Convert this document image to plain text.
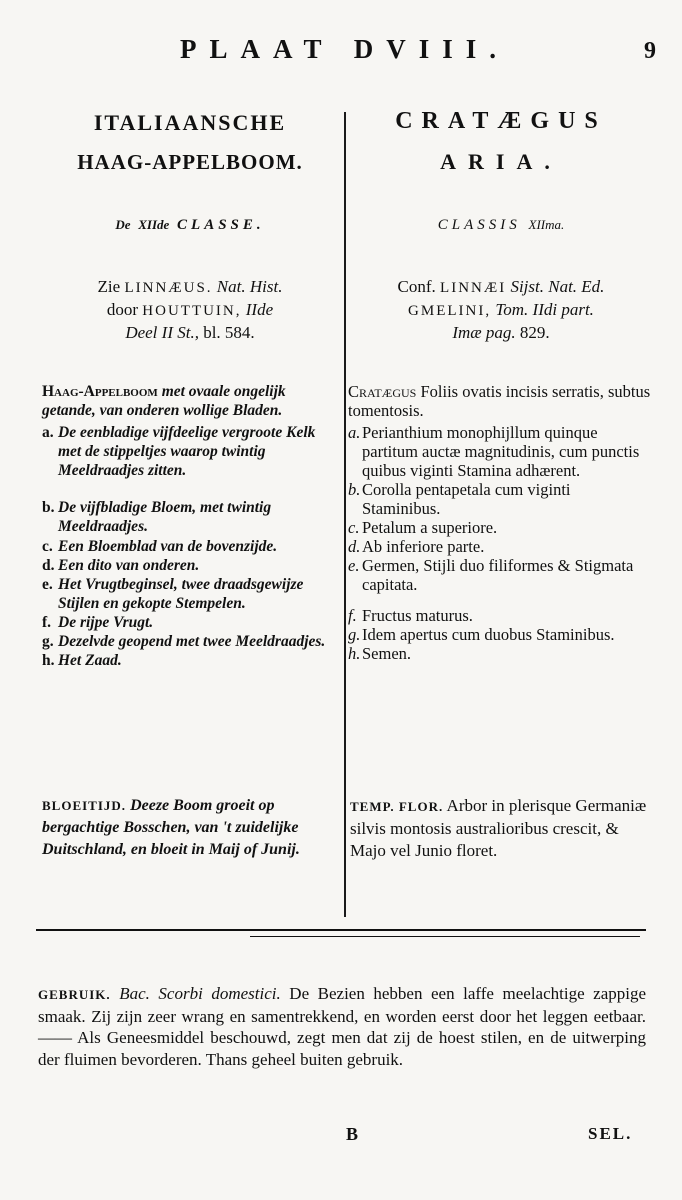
PLAAT DVIII.	9
ITALIAANSCHE
HAAG-APPELBOOM.
De XIIde CLASSE.
Zie LINNÆUS. Nat. Hist.
door HOUTTUIN, IIde
Deel II St., bl. 584.
Haag-Appelboom met ovaale ongelijk getande, van onderen wollige Bladen.
a. De eenbladige vijfdeelige vergroote Kelk met de stippeltjes waarop twintig Meeldraadjes zitten.
b. De vijfbladige Bloem, met twintig Meeldraadjes.
c. Een Bloemblad van de bovenzijde.
d. Een dito van onderen.
e. Het Vrugtbeginsel, twee draadsgewijze Stijlen en gekopte Stempelen.
f. De rijpe Vrugt.
g. Dezelvde geopend met twee Meeldraadjes.
h. Het Zaad.
BLOEITIJD. Deeze Boom groeit op bergachtige Bosschen, van 't zuidelijke Duitschland, en bloeit in Maij of Junij.
CRATÆGUS
ARIA.
CLASSIS XIIma.
Conf. LINNÆI Sijst. Nat. Ed.
GMELINI, Tom. IIdi part.
Imæ pag. 829.
Cratægus Foliis ovatis incisis serratis, subtus tomentosis.
a. Perianthium monophijllum quinque partitum auctæ magnitudinis, cum punctis quibus viginti Stamina adhærent.
b. Corolla pentapetala cum viginti Staminibus.
c. Petalum a superiore.
d. Ab inferiore parte.
e. Germen, Stijli duo filiformes & Stigmata capitata.
f. Fructus maturus.
g. Idem apertus cum duobus Staminibus.
h. Semen.
TEMP. FLOR. Arbor in plerisque Germaniæ silvis montosis australioribus crescit, & Majo vel Junio floret.
GEBRUIK. Bac. Scorbi domestici. De Bezien hebben een laffe meelachtige zappige smaak. Zij zijn zeer wrang en samentrekkend, en worden eerst door het leggen eetbaar. —— Als Geneesmiddel beschouwd, zegt men dat zij de hoest stilen, en de uitwerping der fluimen bevorderen. Thans geheel buiten gebruik.
B	SEL.
